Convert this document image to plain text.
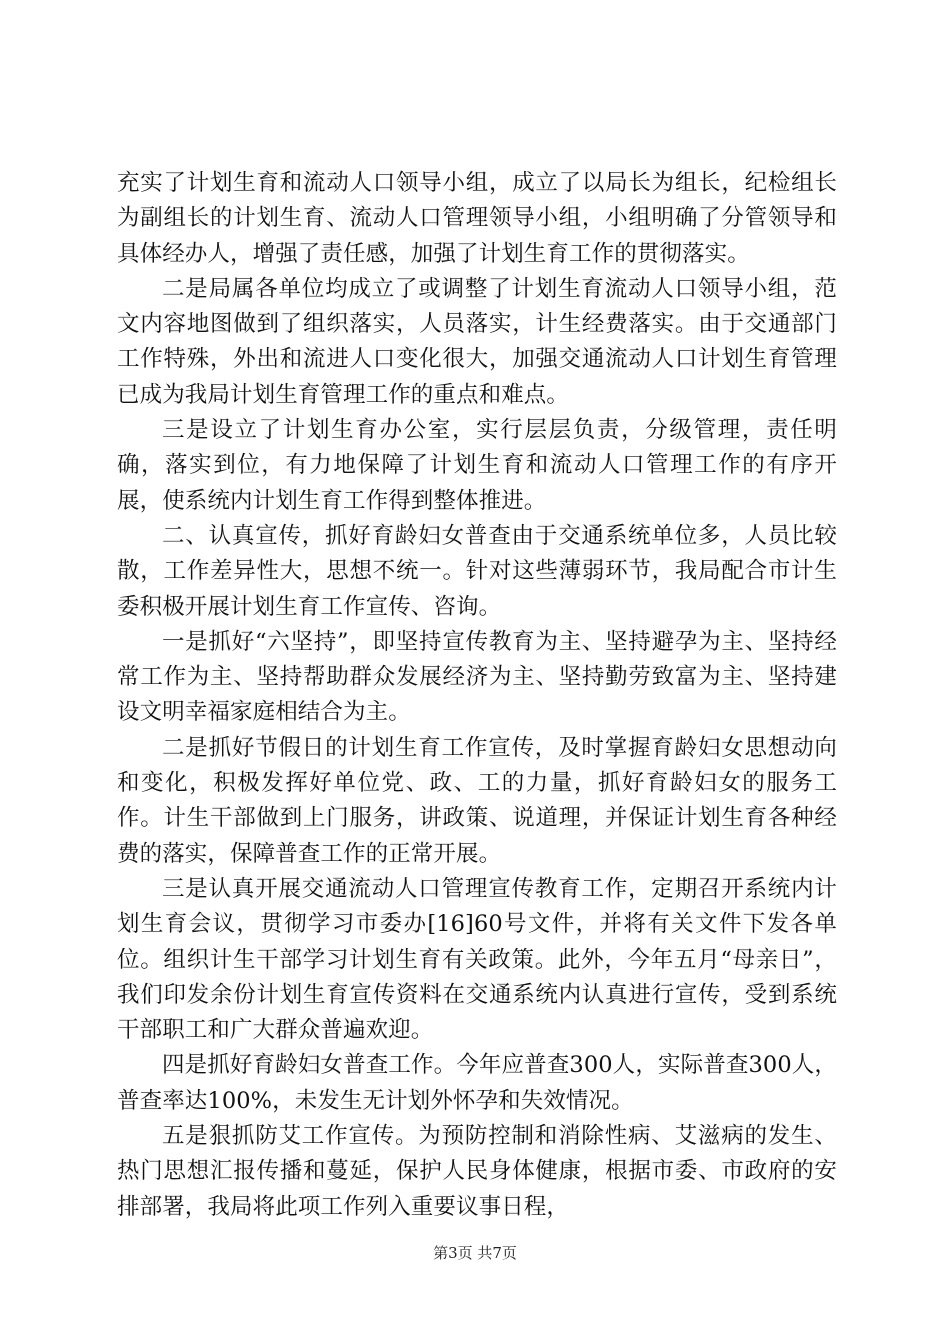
充实了计划生育和流动人口领导小组，成立了以局长为组长，纪检组长为副组长的计划生育、流动人口管理领导小组，小组明确了分管领导和具体经办人，增强了责任感，加强了计划生育工作的贯彻落实。

二是局属各单位均成立了或调整了计划生育流动人口领导小组，范文内容地图做到了组织落实，人员落实，计生经费落实。由于交通部门工作特殊，外出和流进人口变化很大，加强交通流动人口计划生育管理已成为我局计划生育管理工作的重点和难点。

三是设立了计划生育办公室，实行层层负责，分级管理，责任明确，落实到位，有力地保障了计划生育和流动人口管理工作的有序开展，使系统内计划生育工作得到整体推进。

二、认真宣传，抓好育龄妇女普查由于交通系统单位多，人员比较散，工作差异性大，思想不统一。针对这些薄弱环节，我局配合市计生委积极开展计划生育工作宣传、咨询。

一是抓好“六坚持”，即坚持宣传教育为主、坚持避孕为主、坚持经常工作为主、坚持帮助群众发展经济为主、坚持勤劳致富为主、坚持建设文明幸福家庭相结合为主。

二是抓好节假日的计划生育工作宣传，及时掌握育龄妇女思想动向和变化，积极发挥好单位党、政、工的力量，抓好育龄妇女的服务工作。计生干部做到上门服务，讲政策、说道理，并保证计划生育各种经费的落实，保障普查工作的正常开展。

三是认真开展交通流动人口管理宣传教育工作，定期召开系统内计划生育会议，贯彻学习市委办[16]60号文件，并将有关文件下发各单位。组织计生干部学习计划生育有关政策。此外，今年五月“母亲日”，我们印发余份计划生育宣传资料在交通系统内认真进行宣传，受到系统干部职工和广大群众普遍欢迎。

四是抓好育龄妇女普查工作。今年应普查300人，实际普查300人，普查率达100%，未发生无计划外怀孕和失效情况。

五是狠抓防艾工作宣传。为预防控制和消除性病、艾滋病的发生、热门思想汇报传播和蔓延，保护人民身体健康，根据市委、市政府的安排部署，我局将此项工作列入重要议事日程，

第3页 共7页
